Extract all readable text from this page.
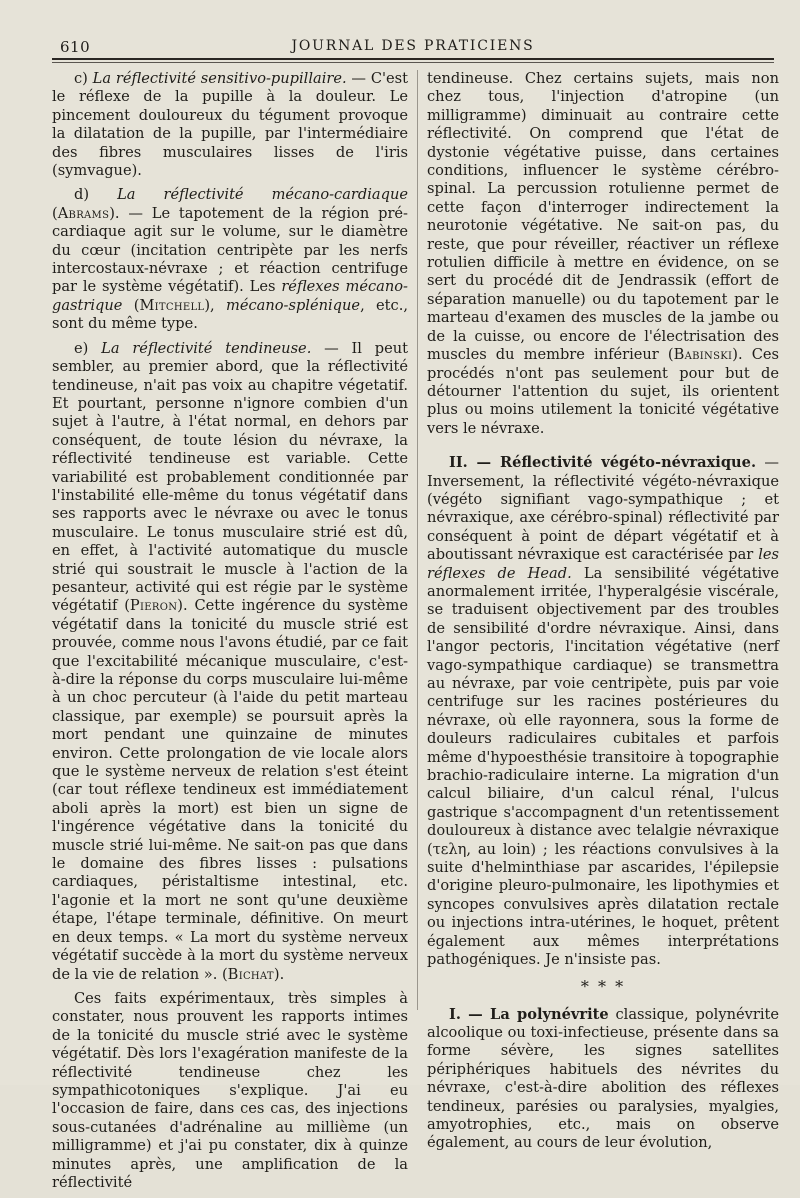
610	JOURNAL DES PRATICIENS

c) La réflectivité sensitivo-pupillaire. — C'est le réflexe de la pupille à la douleur. Le pincement douloureux du tégument provoque la dilatation de la pupille, par l'intermédiaire des fibres musculaires lisses de l'iris (symvague).

d) La réflectivité mécano-cardiaque (Abrams). — Le tapotement de la région pré-cardiaque agit sur le volume, sur le diamètre du cœur (incitation centripète par les nerfs intercostaux-névraxe ; et réaction centrifuge par le système végétatif). Les réflexes mécano-gastrique (Mitchell), mécano-splénique, etc., sont du même type.

e) La réflectivité tendineuse. — Il peut sembler, au premier abord, que la réflectivité tendineuse, n'ait pas voix au chapitre végetatif. Et pourtant, personne n'ignore combien d'un sujet à l'autre, à l'état normal, en dehors par conséquent, de toute lésion du névraxe, la réflectivité tendineuse est variable. Cette variabilité est probablement conditionnée par l'instabilité elle-même du tonus végétatif dans ses rapports avec le névraxe ou avec le tonus musculaire. Le tonus musculaire strié est dû, en effet, à l'activité automatique du muscle strié qui soustrait le muscle à l'action de la pesanteur, activité qui est régie par le système végétatif (Pieron). Cette ingérence du système végétatif dans la tonicité du muscle strié est prouvée, comme nous l'avons étudié, par ce fait que l'excitabilité mécanique musculaire, c'est-à-dire la réponse du corps musculaire lui-même à un choc percuteur (à l'aide du petit marteau classique, par exemple) se poursuit après la mort pendant une quinzaine de minutes environ. Cette prolongation de vie locale alors que le système nerveux de relation s'est éteint (car tout réflexe tendineux est immédiatement aboli après la mort) est bien un signe de l'ingérence végétative dans la tonicité du muscle strié lui-même. Ne sait-on pas que dans le domaine des fibres lisses : pulsations cardiaques, péristaltisme intestinal, etc. l'agonie et la mort ne sont qu'une deuxième étape, l'étape terminale, définitive. On meurt en deux temps. « La mort du système nerveux végétatif succède à la mort du système nerveux de la vie de relation ». (Bichat).

Ces faits expérimentaux, très simples à constater, nous prouvent les rapports intimes de la tonicité du muscle strié avec le système végétatif. Dès lors l'exagération manifeste de la réflectivité tendineuse chez les sympathicotoniques s'explique. J'ai eu l'occasion de faire, dans ces cas, des injections sous-cutanées d'adrénaline au millième (un milligramme) et j'ai pu constater, dix à quinze minutes après, une amplification de la réflectivité

tendineuse. Chez certains sujets, mais non chez tous, l'injection d'atropine (un milligramme) diminuait au contraire cette réflectivité. On comprend que l'état de dystonie végétative puisse, dans certaines conditions, influencer le système cérébro-spinal. La percussion rotulienne permet de cette façon d'interroger indirectement la neurotonie végétative. Ne sait-on pas, du reste, que pour réveiller, réactiver un réflexe rotulien difficile à mettre en évidence, on se sert du procédé dit de Jendrassik (effort de séparation manuelle) ou du tapotement par le marteau d'examen des muscles de la jambe ou de la cuisse, ou encore de l'électrisation des muscles du membre inférieur (Babinski). Ces procédés n'ont pas seulement pour but de détourner l'attention du sujet, ils orientent plus ou moins utilement la tonicité végétative vers le névraxe.

II. — Réflectivité végéto-névraxique. — Inversement, la réflectivité végéto-névraxique (végéto signifiant vago-sympathique ; et névraxique, axe cérébro-spinal) réflectivité par conséquent à point de départ végétatif et à aboutissant névraxique est caractérisée par les réflexes de Head. La sensibilité végétative anormalement irritée, l'hyperalgésie viscérale, se traduisent objectivement par des troubles de sensibilité d'ordre névraxique. Ainsi, dans l'angor pectoris, l'incitation végétative (nerf vago-sympathique cardiaque) se transmettra au névraxe, par voie centripète, puis par voie centrifuge sur les racines postérieures du névraxe, où elle rayonnera, sous la forme de douleurs radiculaires cubitales et parfois même d'hypoesthésie transitoire à topographie brachio-radiculaire interne. La migration d'un calcul biliaire, d'un calcul rénal, l'ulcus gastrique s'accompagnent d'un retentissement douloureux à distance avec telalgie névraxique (τελη, au loin) ; les réactions convulsives à la suite d'helminthiase par ascarides, l'épilepsie d'origine pleuro-pulmonaire, les lipothymies et syncopes convulsives après dilatation rectale ou injections intra-utérines, le hoquet, prêtent également aux mêmes interprétations pathogéniques. Je n'insiste pas.

* * *

I. — La polynévrite classique, polynévrite alcoolique ou toxi-infectieuse, présente dans sa forme sévère, les signes satellites périphériques habituels des névrites du névraxe, c'est-à-dire abolition des réflexes tendineux, parésies ou paralysies, myalgies, amyotrophies, etc., mais on observe également, au cours de leur évolution,
